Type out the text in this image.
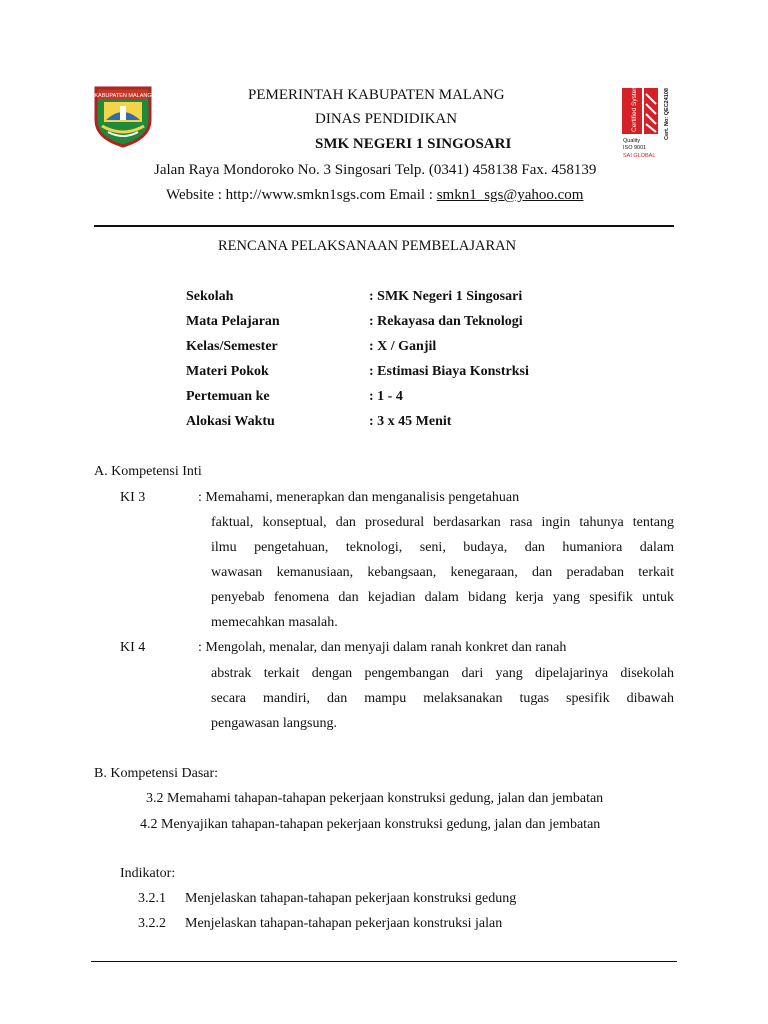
KABUPATEN MALANG	Certified System	Cert. No: QEC24108
Quality
ISO 9001
SAI GLOBAL
PEMERINTAH KABUPATEN MALANG
DINAS PENDIDIKAN
SMK NEGERI 1 SINGOSARI
Jalan Raya Mondoroko No. 3 Singosari Telp. (0341) 458138 Fax. 458139
Website : http://www.smkn1sgs.com Email : smkn1_sgs@yahoo.com
RENCANA PELAKSANAAN PEMBELAJARAN
Sekolah	: SMK Negeri 1 Singosari
Mata Pelajaran	: Rekayasa dan Teknologi
Kelas/Semester	: X / Ganjil
Materi Pokok	: Estimasi Biaya Konstrksi
Pertemuan ke	: 1 - 4
Alokasi Waktu	: 3 x 45 Menit
A. Kompetensi Inti
KI 3	: Memahami, menerapkan dan menganalisis pengetahuan
faktual, konseptual, dan prosedural berdasarkan rasa ingin tahunya tentang
ilmu pengetahuan, teknologi, seni, budaya, dan humaniora dalam
wawasan kemanusiaan, kebangsaan, kenegaraan, dan peradaban terkait
penyebab fenomena dan kejadian dalam bidang kerja yang spesifik untuk
memecahkan masalah.
KI 4	: Mengolah, menalar, dan menyaji dalam ranah konkret dan ranah
abstrak terkait dengan pengembangan dari yang dipelajarinya disekolah
secara mandiri, dan mampu melaksanakan tugas spesifik dibawah
pengawasan langsung.
B. Kompetensi Dasar:
3.2 Memahami tahapan-tahapan pekerjaan konstruksi gedung, jalan dan jembatan
4.2 Menyajikan tahapan-tahapan pekerjaan konstruksi gedung, jalan dan jembatan
Indikator:
3.2.1 Menjelaskan tahapan-tahapan pekerjaan konstruksi gedung
3.2.2 Menjelaskan tahapan-tahapan pekerjaan konstruksi jalan
